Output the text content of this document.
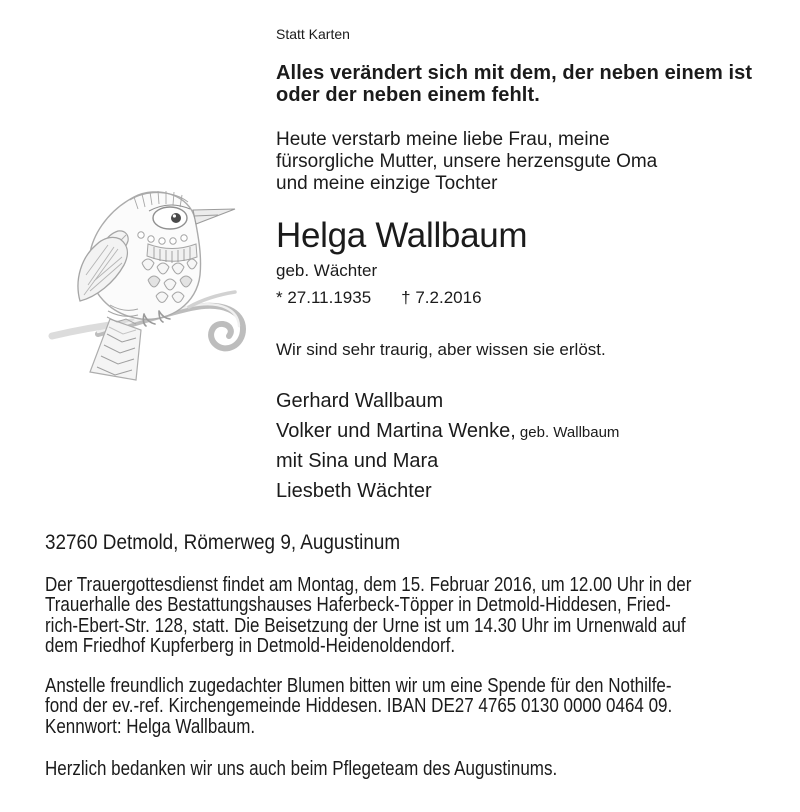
Statt Karten
Alles verändert sich mit dem, der neben einem ist
oder der neben einem fehlt.
Heute verstarb meine liebe Frau, meine
fürsorgliche Mutter, unsere herzensgute Oma
und meine einzige Tochter
Helga Wallbaum
geb. Wächter
* 27.11.1935 † 7.2.2016
Wir sind sehr traurig, aber wissen sie erlöst.
Gerhard Wallbaum
Volker und Martina Wenke, geb. Wallbaum
mit Sina und Mara
Liesbeth Wächter
32760 Detmold, Römerweg 9, Augustinum
Der Trauergottesdienst findet am Montag, dem 15. Februar 2016, um 12.00 Uhr in der
Trauerhalle des Bestattungshauses Haferbeck-Töpper in Detmold-Hiddesen, Fried-
rich-Ebert-Str. 128, statt. Die Beisetzung der Urne ist um 14.30 Uhr im Urnenwald auf
dem Friedhof Kupferberg in Detmold-Heidenoldendorf.
Anstelle freundlich zugedachter Blumen bitten wir um eine Spende für den Nothilfe-
fond der ev.-ref. Kirchengemeinde Hiddesen. IBAN DE27 4765 0130 0000 0464 09.
Kennwort: Helga Wallbaum.
Herzlich bedanken wir uns auch beim Pflegeteam des Augustinums.
